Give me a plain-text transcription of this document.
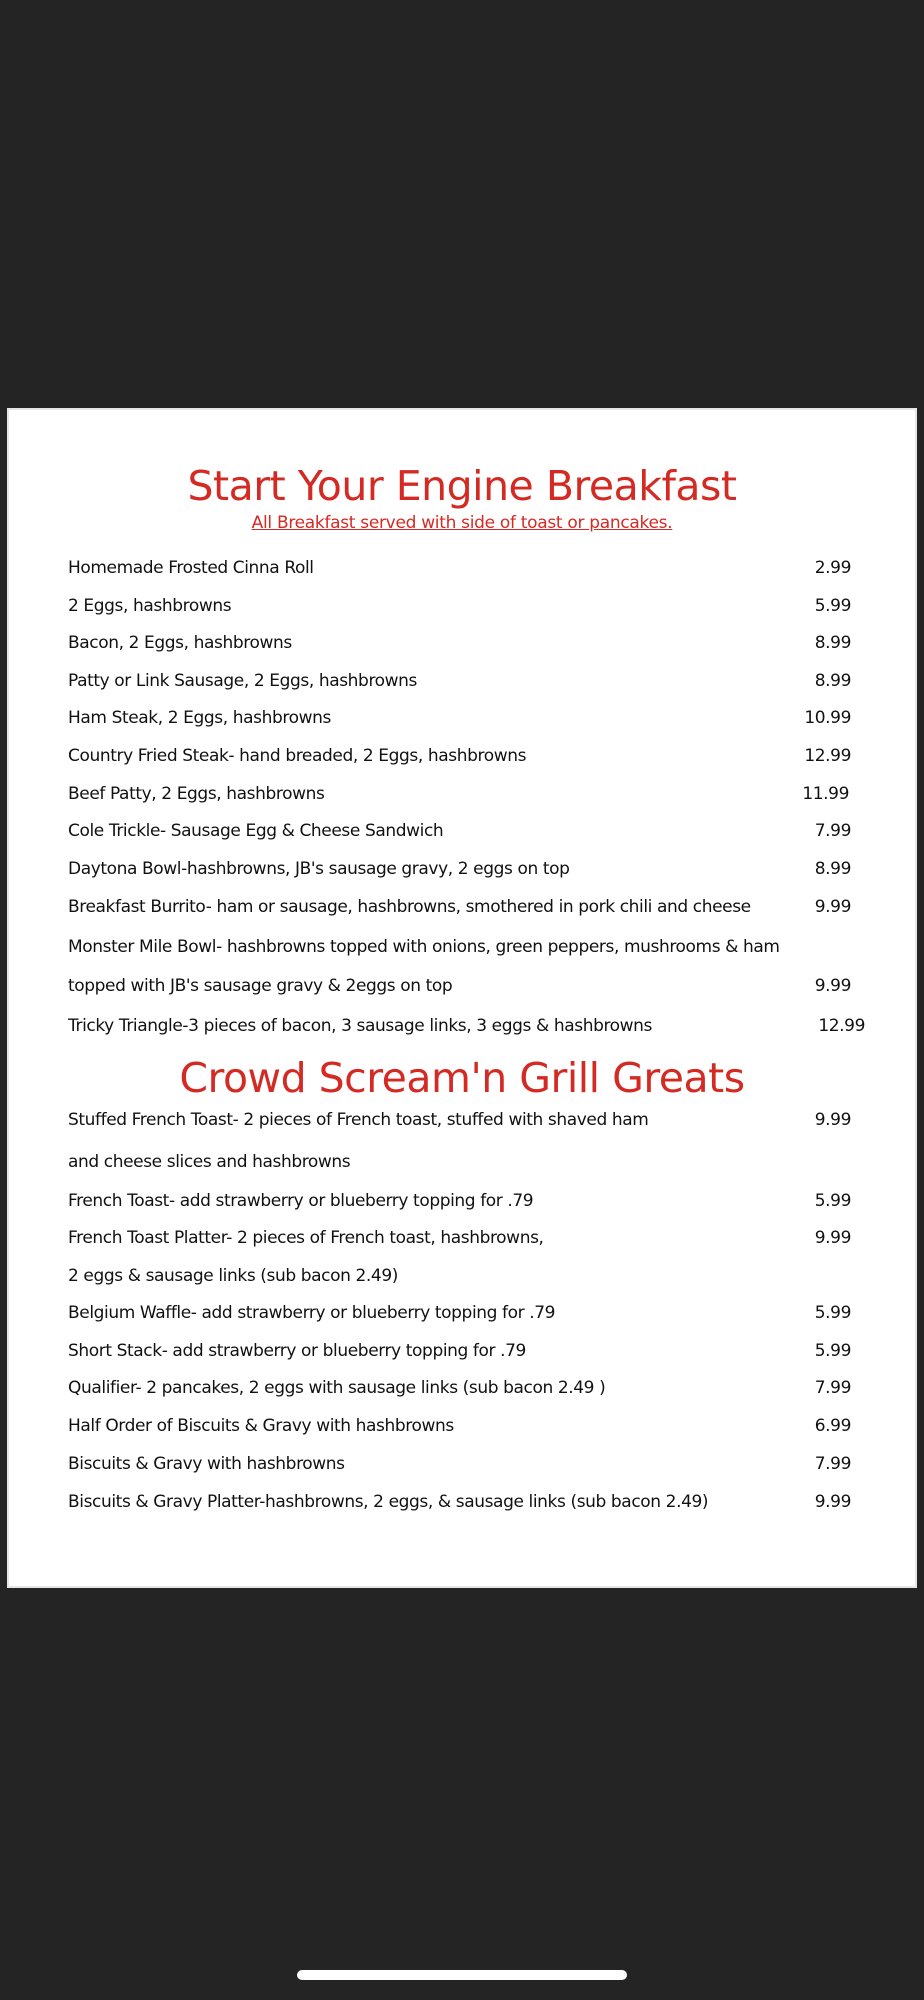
Start Your Engine Breakfast
All Breakfast served with side of toast or pancakes.
Homemade Frosted Cinna Roll	2.99
2 Eggs, hashbrowns	5.99
Bacon, 2 Eggs, hashbrowns	8.99
Patty or Link Sausage, 2 Eggs, hashbrowns	8.99
Ham Steak, 2 Eggs, hashbrowns	10.99
Country Fried Steak- hand breaded, 2 Eggs, hashbrowns	12.99
Beef Patty, 2 Eggs, hashbrowns	11.99
Cole Trickle- Sausage Egg & Cheese Sandwich	7.99
Daytona Bowl-hashbrowns, JB's sausage gravy, 2 eggs on top	8.99
Breakfast Burrito- ham or sausage, hashbrowns, smothered in pork chili and cheese	9.99
Monster Mile Bowl- hashbrowns topped with onions, green peppers, mushrooms & ham
topped with JB's sausage gravy & 2eggs on top	9.99
Tricky Triangle-3 pieces of bacon, 3 sausage links, 3 eggs & hashbrowns	12.99
Crowd Scream'n Grill Greats
Stuffed French Toast- 2 pieces of French toast, stuffed with shaved ham	9.99
and cheese slices and hashbrowns
French Toast- add strawberry or blueberry topping for .79	5.99
French Toast Platter- 2 pieces of French toast, hashbrowns,	9.99
2 eggs & sausage links (sub bacon 2.49)
Belgium Waffle- add strawberry or blueberry topping for .79	5.99
Short Stack- add strawberry or blueberry topping for .79	5.99
Qualifier- 2 pancakes, 2 eggs with sausage links (sub bacon 2.49 )	7.99
Half Order of Biscuits & Gravy with hashbrowns	6.99
Biscuits & Gravy with hashbrowns	7.99
Biscuits & Gravy Platter-hashbrowns, 2 eggs, & sausage links (sub bacon 2.49)	9.99
